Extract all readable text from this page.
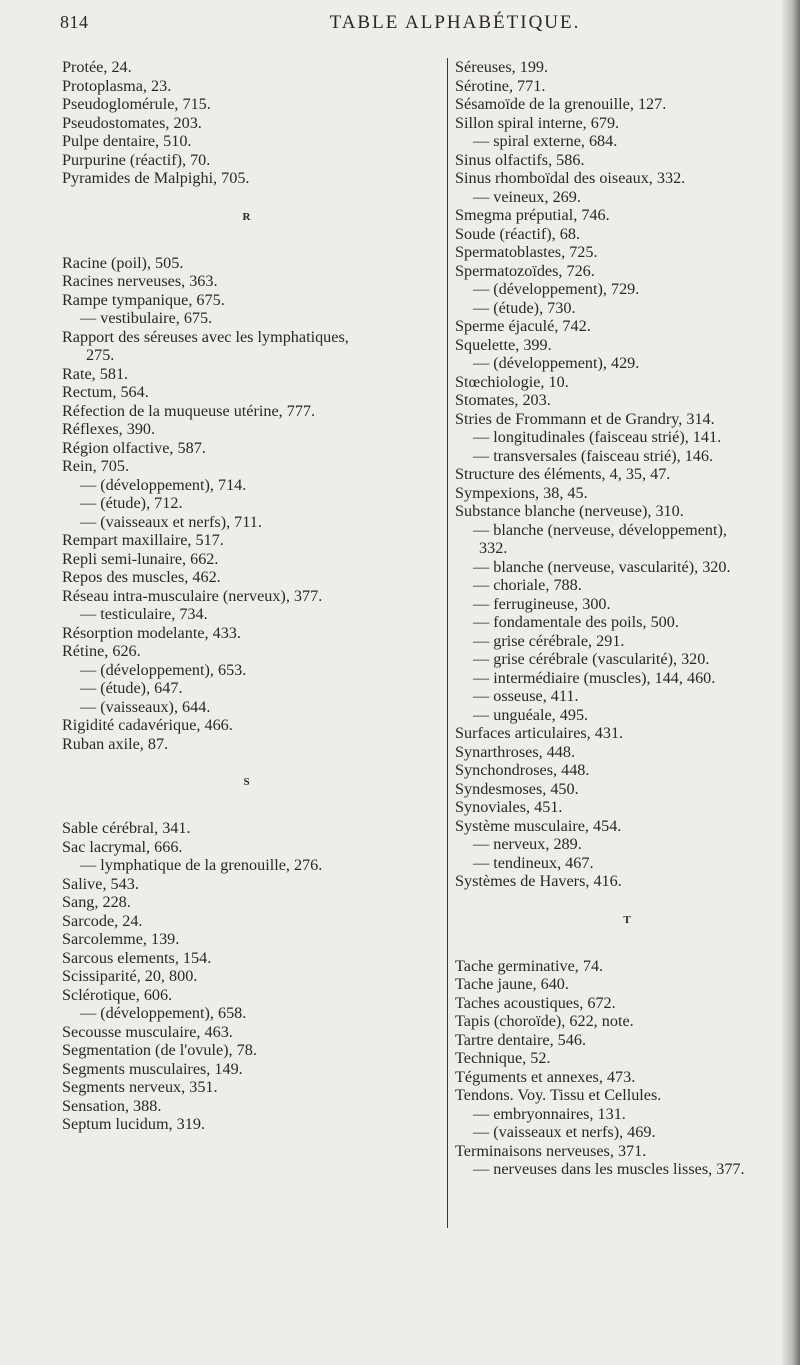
814	TABLE ALPHABÉTIQUE.
Protée, 24.
Protoplasma, 23.
Pseudoglomérule, 715.
Pseudostomates, 203.
Pulpe dentaire, 510.
Purpurine (réactif), 70.
Pyramides de Malpighi, 705.
R
Racine (poil), 505.
Racines nerveuses, 363.
Rampe tympanique, 675.
— vestibulaire, 675.
Rapport des séreuses avec les lymphatiques,
275.
Rate, 581.
Rectum, 564.
Réfection de la muqueuse utérine, 777.
Réflexes, 390.
Région olfactive, 587.
Rein, 705.
— (développement), 714.
— (étude), 712.
— (vaisseaux et nerfs), 711.
Rempart maxillaire, 517.
Repli semi-lunaire, 662.
Repos des muscles, 462.
Réseau intra-musculaire (nerveux), 377.
— testiculaire, 734.
Résorption modelante, 433.
Rétine, 626.
— (développement), 653.
— (étude), 647.
— (vaisseaux), 644.
Rigidité cadavérique, 466.
Ruban axile, 87.
S
Sable cérébral, 341.
Sac lacrymal, 666.
— lymphatique de la grenouille, 276.
Salive, 543.
Sang, 228.
Sarcode, 24.
Sarcolemme, 139.
Sarcous elements, 154.
Scissiparité, 20, 800.
Sclérotique, 606.
— (développement), 658.
Secousse musculaire, 463.
Segmentation (de l'ovule), 78.
Segments musculaires, 149.
Segments nerveux, 351.
Sensation, 388.
Septum lucidum, 319.
Séreuses, 199.
Sérotine, 771.
Sésamoïde de la grenouille, 127.
Sillon spiral interne, 679.
— spiral externe, 684.
Sinus olfactifs, 586.
Sinus rhomboïdal des oiseaux, 332.
— veineux, 269.
Smegma préputial, 746.
Soude (réactif), 68.
Spermatoblastes, 725.
Spermatozoïdes, 726.
— (développement), 729.
— (étude), 730.
Sperme éjaculé, 742.
Squelette, 399.
— (développement), 429.
Stœchiologie, 10.
Stomates, 203.
Stries de Frommann et de Grandry, 314.
— longitudinales (faisceau strié), 141.
— transversales (faisceau strié), 146.
Structure des éléments, 4, 35, 47.
Sympexions, 38, 45.
Substance blanche (nerveuse), 310.
— blanche (nerveuse, développement),
332.
— blanche (nerveuse, vascularité), 320.
— choriale, 788.
— ferrugineuse, 300.
— fondamentale des poils, 500.
— grise cérébrale, 291.
— grise cérébrale (vascularité), 320.
— intermédiaire (muscles), 144, 460.
— osseuse, 411.
— unguéale, 495.
Surfaces articulaires, 431.
Synarthroses, 448.
Synchondroses, 448.
Syndesmoses, 450.
Synoviales, 451.
Système musculaire, 454.
— nerveux, 289.
— tendineux, 467.
Systèmes de Havers, 416.
T
Tache germinative, 74.
Tache jaune, 640.
Taches acoustiques, 672.
Tapis (choroïde), 622, note.
Tartre dentaire, 546.
Technique, 52.
Téguments et annexes, 473.
Tendons. Voy. Tissu et Cellules.
— embryonnaires, 131.
— (vaisseaux et nerfs), 469.
Terminaisons nerveuses, 371.
— nerveuses dans les muscles lisses, 377.
